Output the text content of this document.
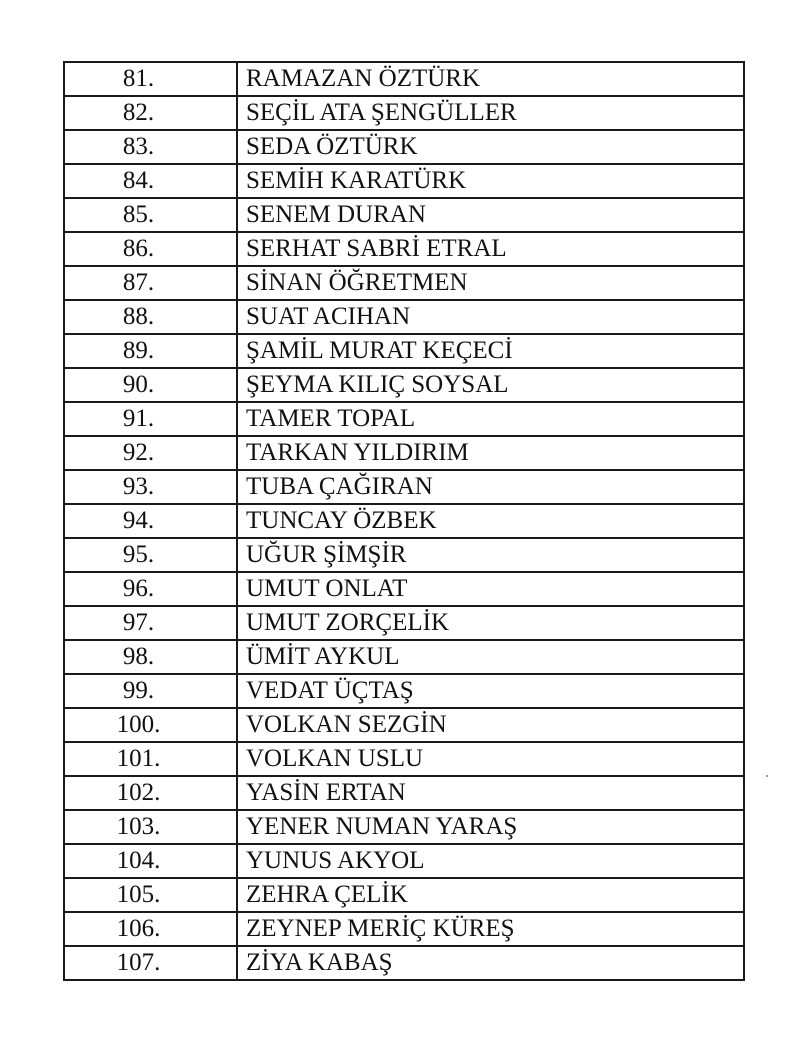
81.	RAMAZAN ÖZTÜRK
82.	SEÇİL ATA ŞENGÜLLER
83.	SEDA ÖZTÜRK
84.	SEMİH KARATÜRK
85.	SENEM DURAN
86.	SERHAT SABRİ ETRAL
87.	SİNAN ÖĞRETMEN
88.	SUAT ACIHAN
89.	ŞAMİL MURAT KEÇECİ
90.	ŞEYMA KILIÇ SOYSAL
91.	TAMER TOPAL
92.	TARKAN YILDIRIM
93.	TUBA ÇAĞIRAN
94.	TUNCAY ÖZBEK
95.	UĞUR ŞİMŞİR
96.	UMUT ONLAT
97.	UMUT ZORÇELİK
98.	ÜMİT AYKUL
99.	VEDAT ÜÇTAŞ
100.	VOLKAN SEZGİN
101.	VOLKAN USLU
102.	YASİN ERTAN
103.	YENER NUMAN YARAŞ
104.	YUNUS AKYOL
105.	ZEHRA ÇELİK
106.	ZEYNEP MERİÇ KÜREŞ
107.	ZİYA KABAŞ
